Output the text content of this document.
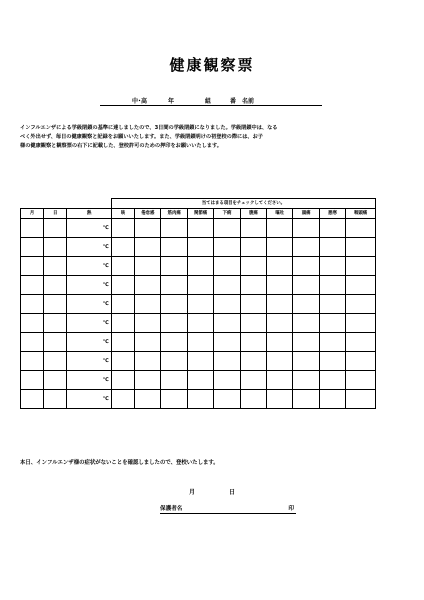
健康観察票
中･高	年	組	番 名前
インフルエンザによる学級閉鎖の基準に達しましたので、3日間の学級閉鎖になりました。学級閉鎖中は、なる
べく外出せず、毎日の健康観察と記録をお願いいたします。また、学級閉鎖明けの初登校の際には、お子
様の健康観察と観察票の右下に記載した、登校許可のための押印をお願いいたします。
			当てはまる項目をチェックしてください。									
月	日	熱	咳	倦怠感	筋肉痛	関節痛	下痢	腹痛	嘔吐	頭痛	悪寒	咽頭痛
		℃										
		℃										
		℃										
		℃										
		℃										
		℃										
		℃										
		℃										
		℃										
		℃										
本日、インフルエンザ様の症状がないことを確認しましたので、登校いたします。
月	日
保護者名	印
